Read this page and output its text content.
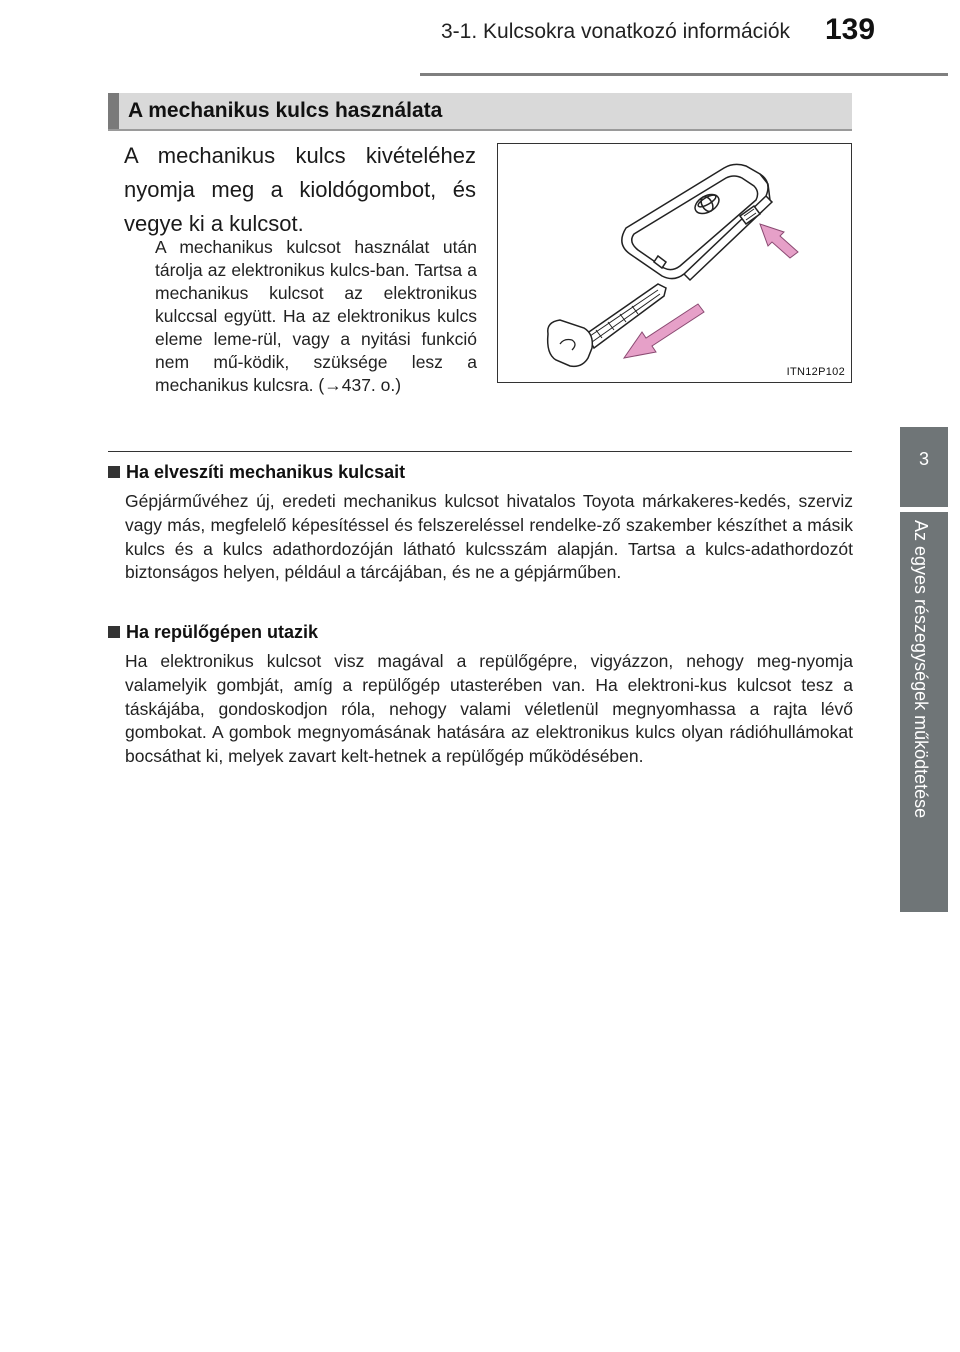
3-1. Kulcsokra vonatkozó információk	139
3
Az egyes részegységek működtetése
A mechanikus kulcs használata
A mechanikus kulcs kivételéhez nyomja meg a kioldógombot, és vegye ki a kulcsot.
A mechanikus kulcsot használat után tárolja az elektronikus kulcs-ban. Tartsa a mechanikus kulcsot az elektronikus kulccsal együtt. Ha az elektronikus kulcs eleme leme-rül, vagy a nyitási funkció nem mű-ködik, szüksége lesz a mechanikus kulcsra. (→437. o.)
ITN12P102
Ha elveszíti mechanikus kulcsait
Gépjárművéhez új, eredeti mechanikus kulcsot hivatalos Toyota márkakeres-kedés, szerviz vagy más, megfelelő képesítéssel és felszereléssel rendelke-ző szakember készíthet a másik kulcs és a kulcs adathordozóján látható kulcsszám alapján. Tartsa a kulcs-adathordozót biztonságos helyen, például a tárcájában, és ne a gépjárműben.
Ha repülőgépen utazik
Ha elektronikus kulcsot visz magával a repülőgépre, vigyázzon, nehogy meg-nyomja valamelyik gombját, amíg a repülőgép utasterében van. Ha elektroni-kus kulcsot tesz a táskájába, gondoskodjon róla, nehogy valami véletlenül megnyomhassa a rajta lévő gombokat. A gombok megnyomásának hatására az elektronikus kulcs olyan rádióhullámokat bocsáthat ki, melyek zavart kelt-hetnek a repülőgép működésében.
